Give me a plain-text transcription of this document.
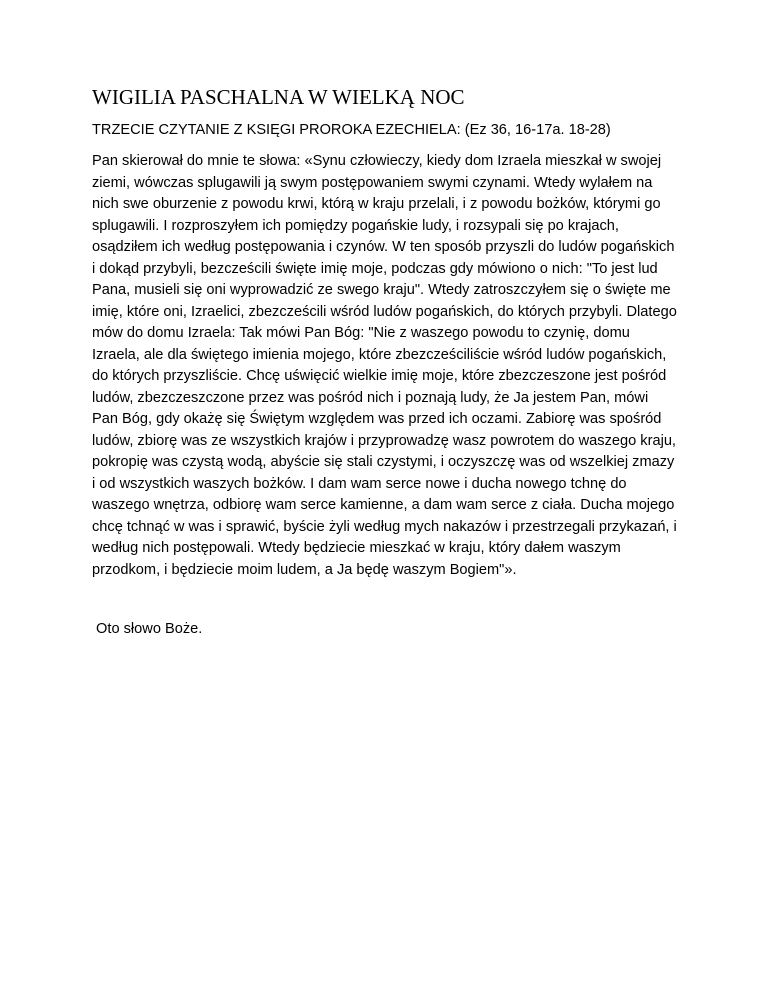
WIGILIA PASCHALNA W WIELKĄ NOC

TRZECIE CZYTANIE Z KSIĘGI PROROKA EZECHIELA: (Ez 36, 16-17a. 18-28)

Pan skierował do mnie te słowa: «Synu człowieczy, kiedy dom Izraela mieszkał w swojej ziemi, wówczas splugawili ją swym postępowaniem swymi czynami. Wtedy wylałem na nich swe oburzenie z powodu krwi, którą w kraju przelali, i z powodu bożków, którymi go splugawili. I rozproszyłem ich pomiędzy pogańskie ludy, i rozsypali się po krajach, osądziłem ich według postępowania i czynów. W ten sposób przyszli do ludów pogańskich i dokąd przybyli, bezcześcili święte imię moje, podczas gdy mówiono o nich: "To jest lud Pana, musieli się oni wyprowadzić ze swego kraju". Wtedy zatroszczyłem się o święte me imię, które oni, Izraelici, zbezcześcili wśród ludów pogańskich, do których przybyli. Dlatego mów do domu Izraela: Tak mówi Pan Bóg: "Nie z waszego powodu to czynię, domu Izraela, ale dla świętego imienia mojego, które zbezcześciliście wśród ludów pogańskich, do których przyszliście. Chcę uświęcić wielkie imię moje, które zbezczeszone jest pośród ludów, zbezczeszczone przez was pośród nich i poznają ludy, że Ja jestem Pan, mówi Pan Bóg, gdy okażę się Świętym względem was przed ich oczami. Zabiorę was spośród ludów, zbiorę was ze wszystkich krajów i przyprowadzę wasz powrotem do waszego kraju, pokropię was czystą wodą, abyście się stali czystymi, i oczyszczę was od wszelkiej zmazy i od wszystkich waszych bożków. I dam wam serce nowe i ducha nowego tchnę do waszego wnętrza, odbiorę wam serce kamienne, a dam wam serce z ciała. Ducha mojego chcę tchnąć w was i sprawić, byście żyli według mych nakazów i przestrzegali przykazań, i według nich postępowali. Wtedy będziecie mieszkać w kraju, który dałem waszym przodkom, i będziecie moim ludem, a Ja będę waszym Bogiem"».

Oto słowo Boże.
